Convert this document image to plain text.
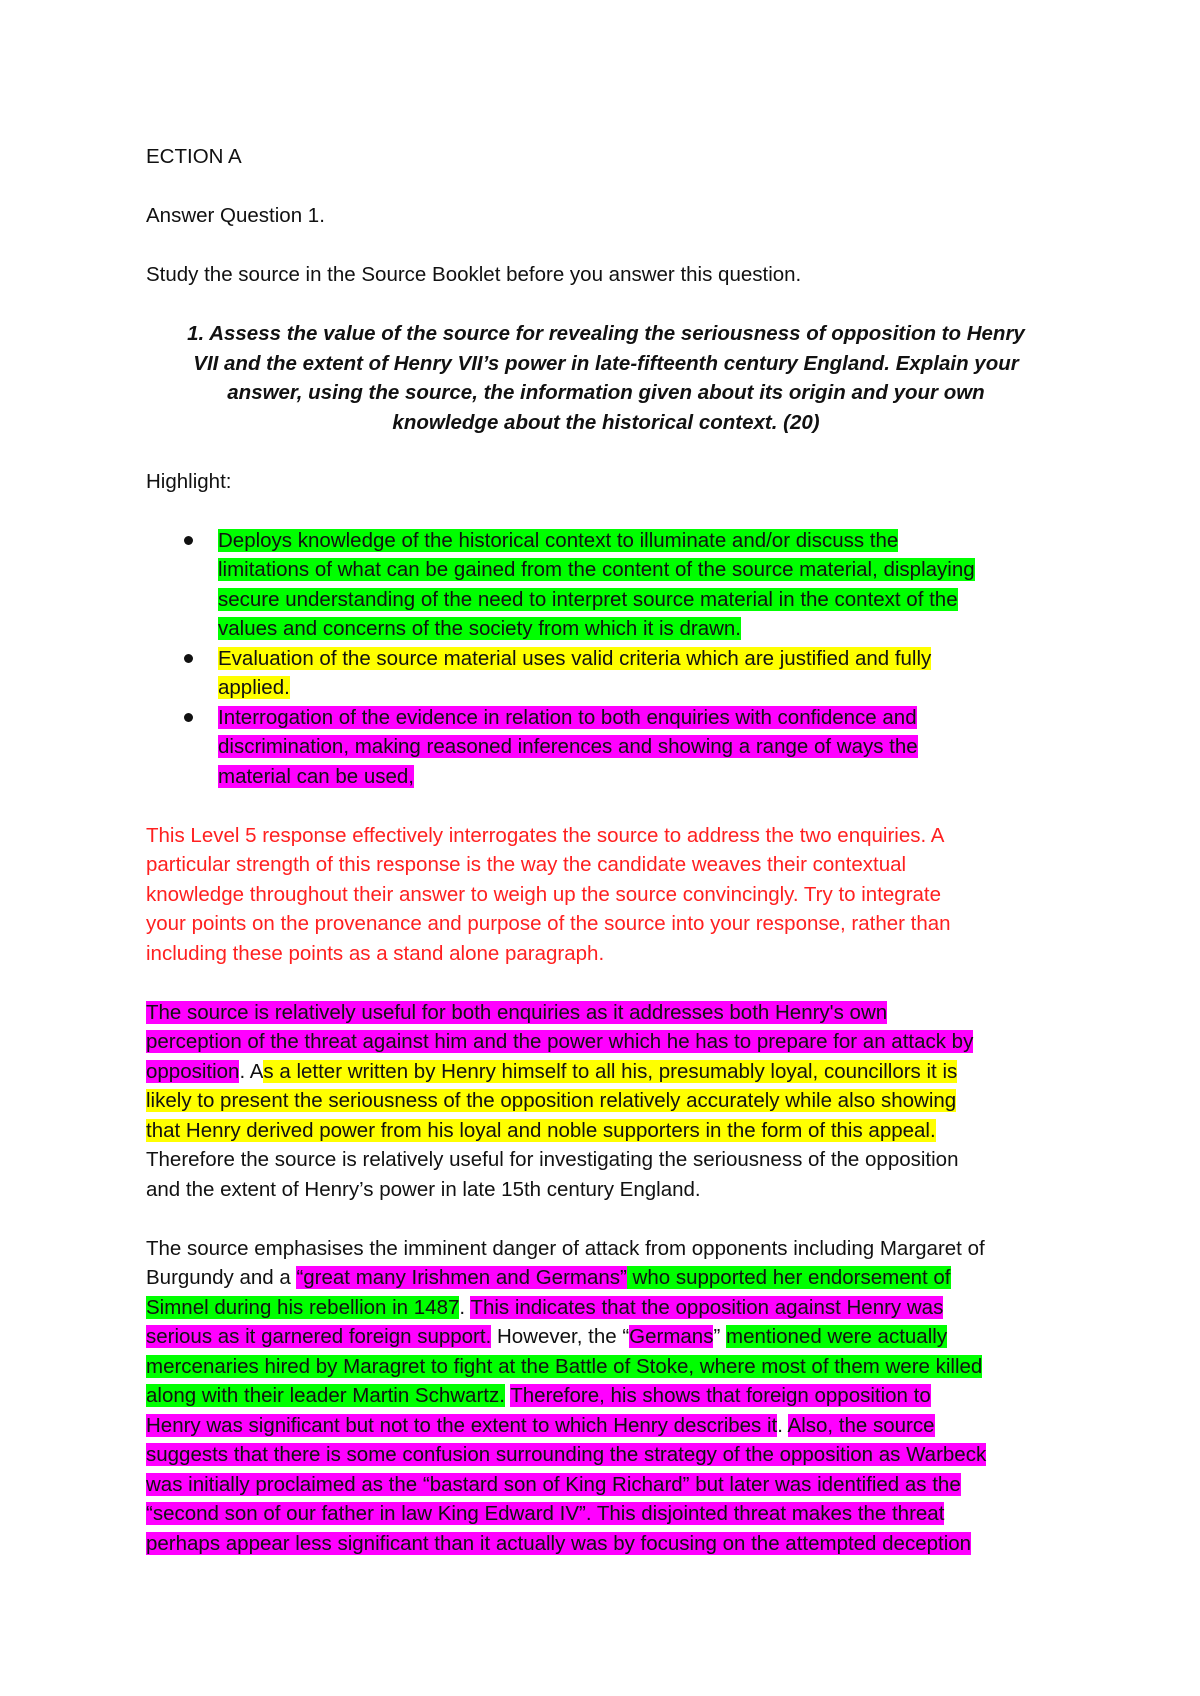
ECTION A
Answer Question 1.
Study the source in the Source Booklet before you answer this question.
1. Assess the value of the source for revealing the seriousness of opposition to Henry
VII and the extent of Henry VII’s power in late-fifteenth century England. Explain your
answer, using the source, the information given about its origin and your own
knowledge about the historical context. (20)
Highlight:
Deploys knowledge of the historical context to illuminate and/or discuss the
limitations of what can be gained from the content of the source material, displaying
secure understanding of the need to interpret source material in the context of the
values and concerns of the society from which it is drawn.
Evaluation of the source material uses valid criteria which are justified and fully
applied.
Interrogation of the evidence in relation to both enquiries with confidence and
discrimination, making reasoned inferences and showing a range of ways the
material can be used,
This Level 5 response effectively interrogates the source to address the two enquiries. A
particular strength of this response is the way the candidate weaves their contextual
knowledge throughout their answer to weigh up the source convincingly. Try to integrate
your points on the provenance and purpose of the source into your response, rather than
including these points as a stand alone paragraph.
The source is relatively useful for both enquiries as it addresses both Henry's own
perception of the threat against him and the power which he has to prepare for an attack by
opposition. As a letter written by Henry himself to all his, presumably loyal, councillors it is
likely to present the seriousness of the opposition relatively accurately while also showing
that Henry derived power from his loyal and noble supporters in the form of this appeal.
Therefore the source is relatively useful for investigating the seriousness of the opposition
and the extent of Henry’s power in late 15th century England.
The source emphasises the imminent danger of attack from opponents including Margaret of
Burgundy and a “great many Irishmen and Germans” who supported her endorsement of
Simnel during his rebellion in 1487. This indicates that the opposition against Henry was
serious as it garnered foreign support. However, the “Germans” mentioned were actually
mercenaries hired by Maragret to fight at the Battle of Stoke, where most of them were killed
along with their leader Martin Schwartz. Therefore, his shows that foreign opposition to
Henry was significant but not to the extent to which Henry describes it. Also, the source
suggests that there is some confusion surrounding the strategy of the opposition as Warbeck
was initially proclaimed as the “bastard son of King Richard” but later was identified as the
“second son of our father in law King Edward IV”. This disjointed threat makes the threat
perhaps appear less significant than it actually was by focusing on the attempted deception
